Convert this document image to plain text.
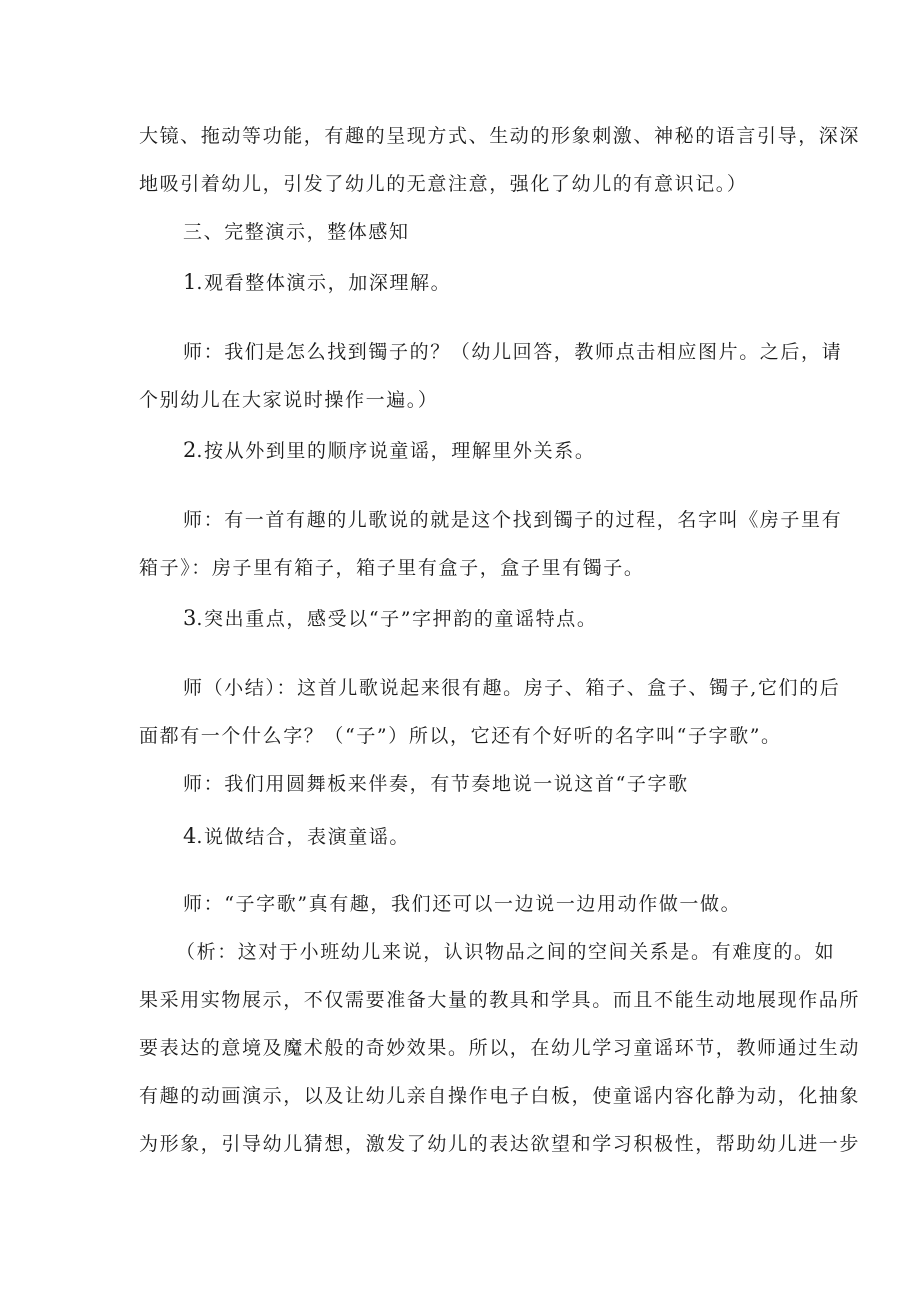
大镜、拖动等功能，有趣的呈现方式、生动的形象刺激、神秘的语言引导，深深
地吸引着幼儿，引发了幼儿的无意注意，强化了幼儿的有意识记。）
三、完整演示，整体感知
1.观看整体演示，加深理解。
师：我们是怎么找到镯子的？（幼儿回答，教师点击相应图片。之后，请
个别幼儿在大家说时操作一遍。）
2.按从外到里的顺序说童谣，理解里外关系。
师：有一首有趣的儿歌说的就是这个找到镯子的过程，名字叫《房子里有
箱子》：房子里有箱子，箱子里有盒子，盒子里有镯子。
3.突出重点，感受以“子”字押韵的童谣特点。
师（小结）：这首儿歌说起来很有趣。房子、箱子、盒子、镯子,它们的后
面都有一个什么字？（“子”）所以，它还有个好听的名字叫“子字歌”。
师：我们用圆舞板来伴奏，有节奏地说一说这首“子字歌
4.说做结合，表演童谣。
师：“子字歌”真有趣，我们还可以一边说一边用动作做一做。
（析：这对于小班幼儿来说，认识物品之间的空间关系是。有难度的。如
果采用实物展示，不仅需要准备大量的教具和学具。而且不能生动地展现作品所
要表达的意境及魔术般的奇妙效果。所以，在幼儿学习童谣环节，教师通过生动
有趣的动画演示，以及让幼儿亲自操作电子白板，使童谣内容化静为动，化抽象
为形象，引导幼儿猜想，激发了幼儿的表达欲望和学习积极性，帮助幼儿进一步
